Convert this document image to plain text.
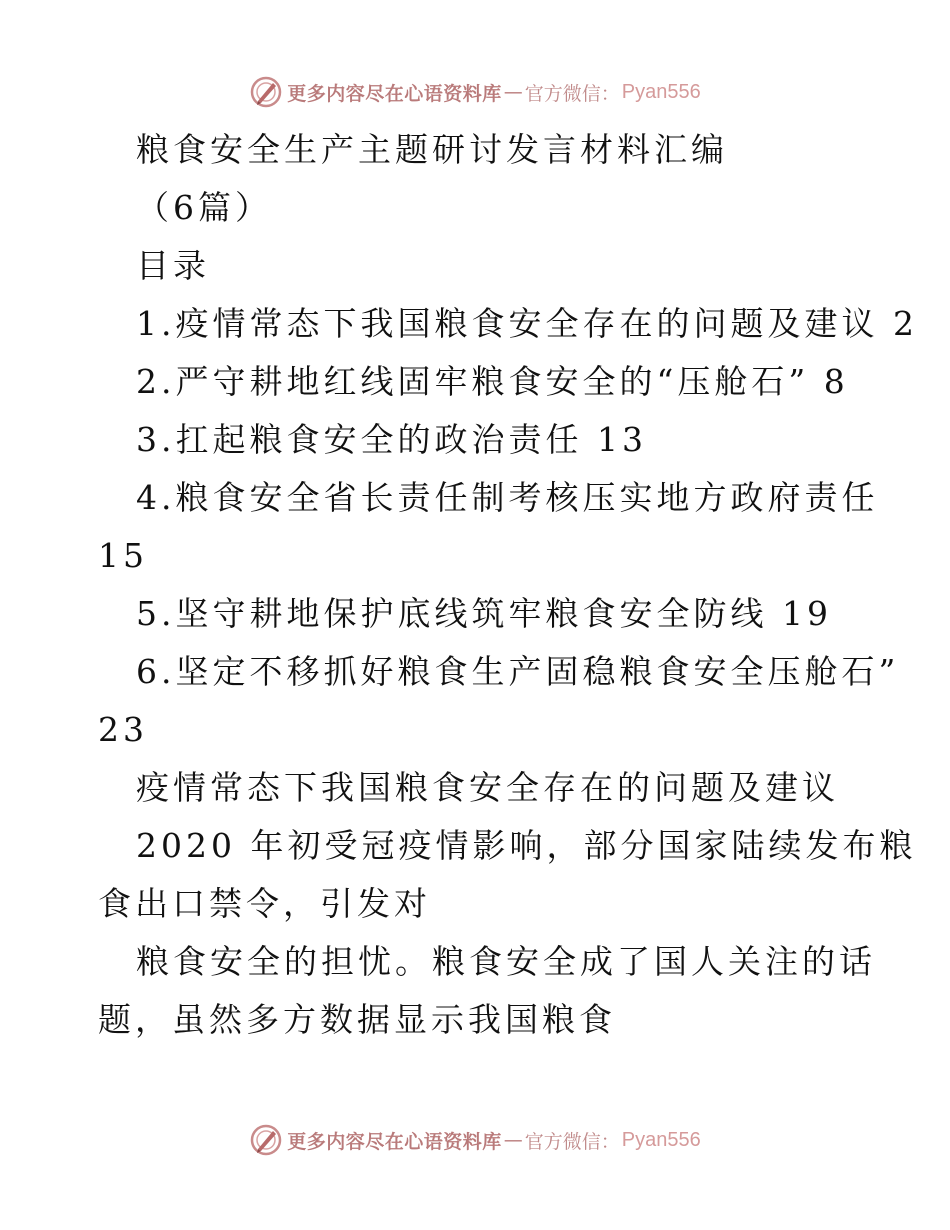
更多内容尽在心语资料库 — 官方微信： Pyan556
粮食安全生产主题研讨发言材料汇编
（6篇）
目录
1.疫情常态下我国粮食安全存在的问题及建议 2
2.严守耕地红线固牢粮食安全的“压舱石” 8
3.扛起粮食安全的政治责任 13
4.粮食安全省长责任制考核压实地方政府责任
15
5.坚守耕地保护底线筑牢粮食安全防线 19
6.坚定不移抓好粮食生产固稳粮食安全压舱石”
23
疫情常态下我国粮食安全存在的问题及建议
2020 年初受冠疫情影响，部分国家陆续发布粮
食出口禁令，引发对
粮食安全的担忧。粮食安全成了国人关注的话
题，虽然多方数据显示我国粮食
更多内容尽在心语资料库 — 官方微信： Pyan556
